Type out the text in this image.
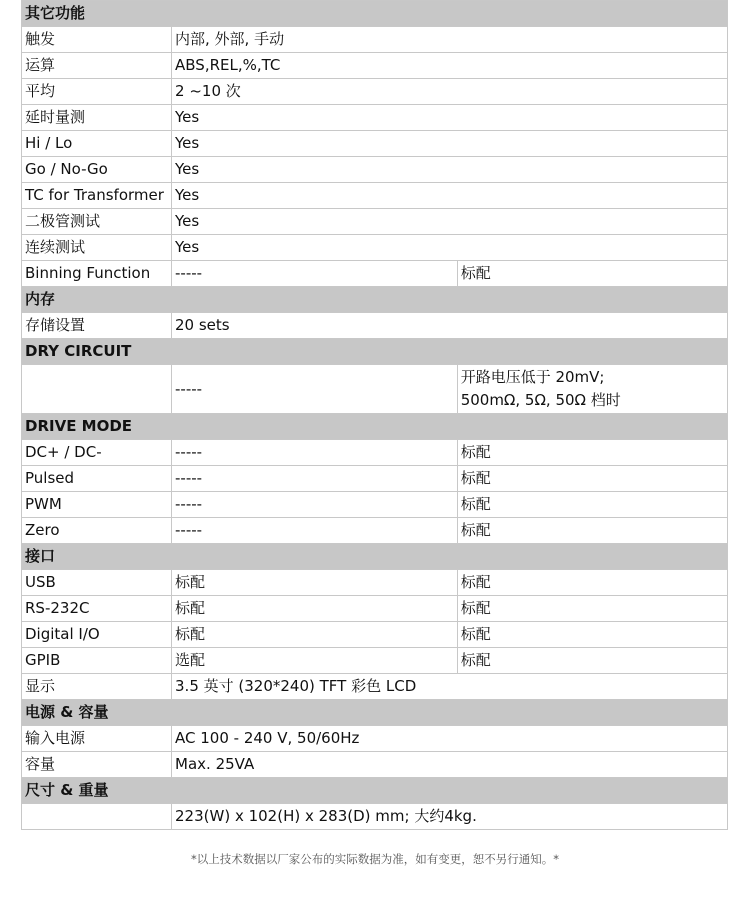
其它功能		
触发	内部, 外部, 手动	
运算	ABS,REL,%,TC	
平均	2 ~10 次	
延时量测	Yes	
Hi / Lo	Yes	
Go / No-Go	Yes	
TC for Transformer	Yes	
二极管测试	Yes	
连续测试	Yes	
Binning Function	-----	标配
内存		
存储设置	20 sets	
DRY CIRCUIT		
	-----	开路电压低于 20mV;
500mΩ, 5Ω, 50Ω 档时

DRIVE MODE		
DC+ / DC-	-----	标配
Pulsed	-----	标配
PWM	-----	标配
Zero	-----	标配
接口		
USB	标配	标配
RS-232C	标配	标配
Digital I/O	标配	标配
GPIB	选配	标配
显示	3.5 英寸 (320*240) TFT 彩色 LCD	
电源 & 容量		
输入电源	AC 100 - 240 V, 50/60Hz	
容量	Max. 25VA	
尺寸 & 重量		
	223(W) x 102(H) x 283(D) mm; 大约4kg.	
*以上技术数据以厂家公布的实际数据为准，如有变更，恕不另行通知。*
